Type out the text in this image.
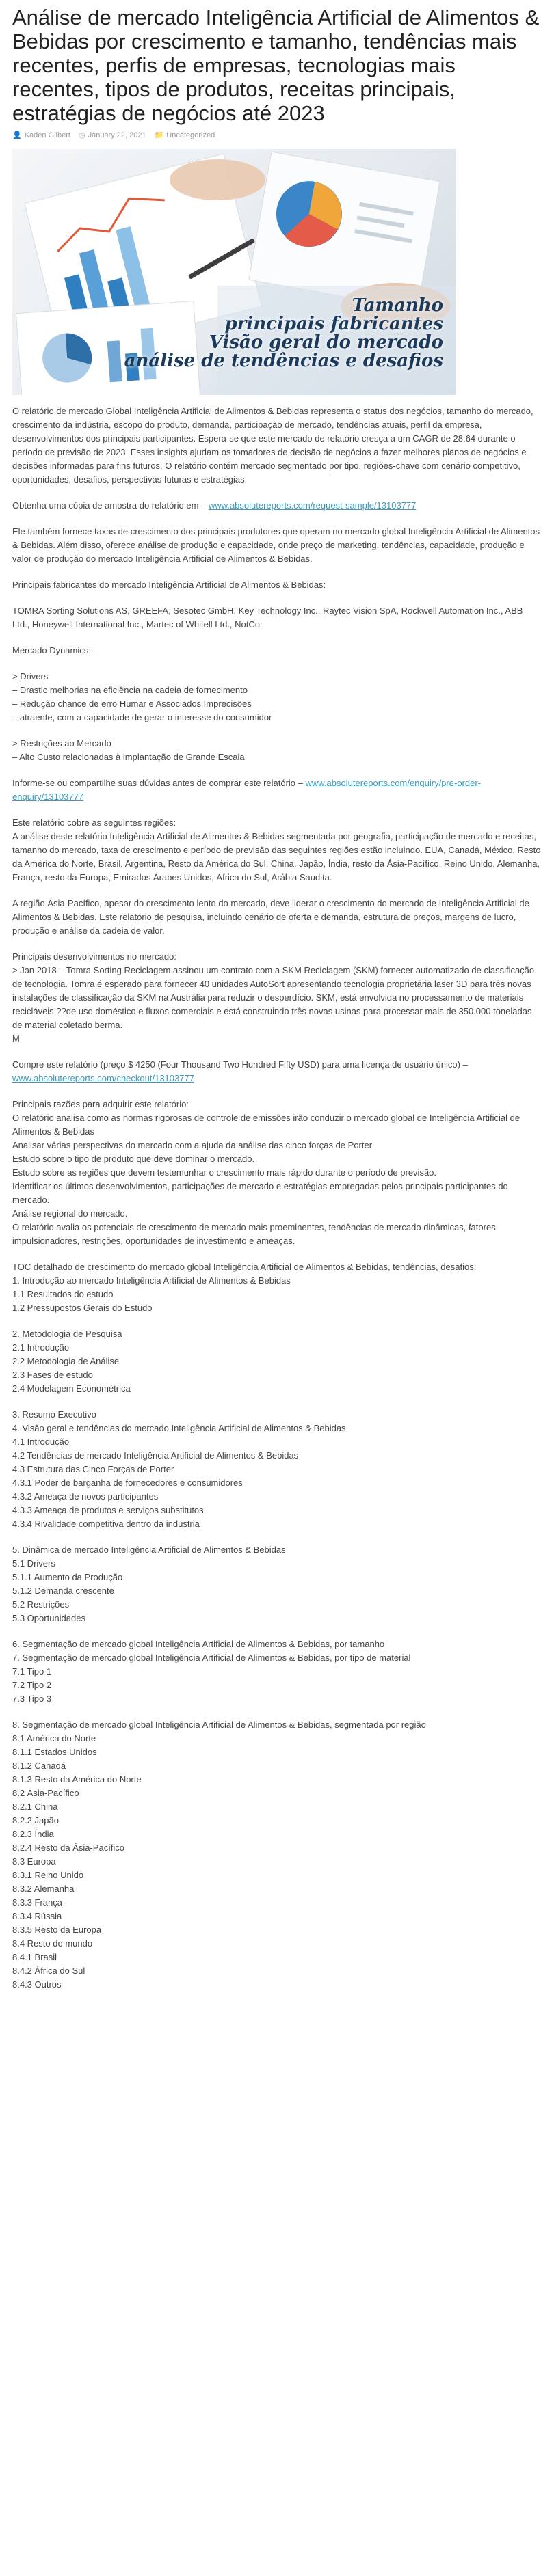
Análise de mercado Inteligência Artificial de Alimentos & Bebidas por crescimento e tamanho, tendências mais recentes, perfis de empresas, tecnologias mais recentes, tipos de produtos, receitas principais, estratégias de negócios até 2023
👤 Kaden Gilbert ◷ January 22, 2021 📁 Uncategorized
Tamanho
principais fabricantes
Visão geral do mercado
análise de tendências e desafios

O relatório de mercado Global Inteligência Artificial de Alimentos & Bebidas representa o status dos negócios, tamanho do mercado, crescimento da indústria, escopo do produto, demanda, participação de mercado, tendências atuais, perfil da empresa, desenvolvimentos dos principais participantes. Espera-se que este mercado de relatório cresça a um CAGR de 28.64 durante o período de previsão de 2023. Esses insights ajudam os tomadores de decisão de negócios a fazer melhores planos de negócios e decisões informadas para fins futuros. O relatório contém mercado segmentado por tipo, regiões-chave com cenário competitivo, oportunidades, desafios, perspectivas futuras e estratégias.

Obtenha uma cópia de amostra do relatório em – www.absolutereports.com/request-sample/13103777

Ele também fornece taxas de crescimento dos principais produtores que operam no mercado global Inteligência Artificial de Alimentos & Bebidas. Além disso, oferece análise de produção e capacidade, onde preço de marketing, tendências, capacidade, produção e valor de produção do mercado Inteligência Artificial de Alimentos & Bebidas.

Principais fabricantes do mercado Inteligência Artificial de Alimentos & Bebidas:

TOMRA Sorting Solutions AS, GREEFA, Sesotec GmbH, Key Technology Inc., Raytec Vision SpA, Rockwell Automation Inc., ABB Ltd., Honeywell International Inc., Martec of Whitell Ltd., NotCo

Mercado Dynamics: –

> Drivers
– Drastic melhorias na eficiência na cadeia de fornecimento
– Redução chance de erro Humar e Associados Imprecisões
– atraente, com a capacidade de gerar o interesse do consumidor
> Restrições ao Mercado
– Alto Custo relacionadas à implantação de Grande Escala

Informe-se ou compartilhe suas dúvidas antes de comprar este relatório – www.absolutereports.com/enquiry/pre-order-enquiry/13103777

Este relatório cobre as seguintes regiões:
A análise deste relatório Inteligência Artificial de Alimentos & Bebidas segmentada por geografia, participação de mercado e receitas, tamanho do mercado, taxa de crescimento e período de previsão das seguintes regiões estão incluindo. EUA, Canadá, México, Resto da América do Norte, Brasil, Argentina, Resto da América do Sul, China, Japão, Índia, resto da Ásia-Pacífico, Reino Unido, Alemanha, França, resto da Europa, Emirados Árabes Unidos, África do Sul, Arábia Saudita.

A região Ásia-Pacífico, apesar do crescimento lento do mercado, deve liderar o crescimento do mercado de Inteligência Artificial de Alimentos & Bebidas. Este relatório de pesquisa, incluindo cenário de oferta e demanda, estrutura de preços, margens de lucro, produção e análise da cadeia de valor.

Principais desenvolvimentos no mercado:
> Jan 2018 – Tomra Sorting Reciclagem assinou um contrato com a SKM Reciclagem (SKM) fornecer automatizado de classificação de tecnologia. Tomra é esperado para fornecer 40 unidades AutoSort apresentando tecnologia proprietária laser 3D para três novas instalações de classificação da SKM na Austrália para reduzir o desperdício. SKM, está envolvida no processamento de materiais recicláveis ??de uso doméstico e fluxos comerciais e está construindo três novas usinas para processar mais de 350.000 toneladas de material coletado berma.
M

Compre este relatório (preço $ 4250 (Four Thousand Two Hundred Fifty USD) para uma licença de usuário único) – www.absolutereports.com/checkout/13103777

Principais razões para adquirir este relatório:
O relatório analisa como as normas rigorosas de controle de emissões irão conduzir o mercado global de Inteligência Artificial de Alimentos & Bebidas
Analisar várias perspectivas do mercado com a ajuda da análise das cinco forças de Porter
Estudo sobre o tipo de produto que deve dominar o mercado.
Estudo sobre as regiões que devem testemunhar o crescimento mais rápido durante o período de previsão.
Identificar os últimos desenvolvimentos, participações de mercado e estratégias empregadas pelos principais participantes do mercado.
Análise regional do mercado.
O relatório avalia os potenciais de crescimento de mercado mais proeminentes, tendências de mercado dinâmicas, fatores impulsionadores, restrições, oportunidades de investimento e ameaças.
TOC detalhado de crescimento do mercado global Inteligência Artificial de Alimentos & Bebidas, tendências, desafios:
1. Introdução ao mercado Inteligência Artificial de Alimentos & Bebidas
1.1 Resultados do estudo
1.2 Pressupostos Gerais do Estudo
2. Metodologia de Pesquisa
2.1 Introdução
2.2 Metodologia de Análise
2.3 Fases de estudo
2.4 Modelagem Econométrica
3. Resumo Executivo
4. Visão geral e tendências do mercado Inteligência Artificial de Alimentos & Bebidas
4.1 Introdução
4.2 Tendências de mercado Inteligência Artificial de Alimentos & Bebidas
4.3 Estrutura das Cinco Forças de Porter
4.3.1 Poder de barganha de fornecedores e consumidores
4.3.2 Ameaça de novos participantes
4.3.3 Ameaça de produtos e serviços substitutos
4.3.4 Rivalidade competitiva dentro da indústria
5. Dinâmica de mercado Inteligência Artificial de Alimentos & Bebidas
5.1 Drivers
5.1.1 Aumento da Produção
5.1.2 Demanda crescente
5.2 Restrições
5.3 Oportunidades
6. Segmentação de mercado global Inteligência Artificial de Alimentos & Bebidas, por tamanho
7. Segmentação de mercado global Inteligência Artificial de Alimentos & Bebidas, por tipo de material
7.1 Tipo 1
7.2 Tipo 2
7.3 Tipo 3
8. Segmentação de mercado global Inteligência Artificial de Alimentos & Bebidas, segmentada por região
8.1 América do Norte
8.1.1 Estados Unidos
8.1.2 Canadá
8.1.3 Resto da América do Norte
8.2 Ásia-Pacífico
8.2.1 China
8.2.2 Japão
8.2.3 Índia
8.2.4 Resto da Ásia-Pacífico
8.3 Europa
8.3.1 Reino Unido
8.3.2 Alemanha
8.3.3 França
8.3.4 Rússia
8.3.5 Resto da Europa
8.4 Resto do mundo
8.4.1 Brasil
8.4.2 África do Sul
8.4.3 Outros
